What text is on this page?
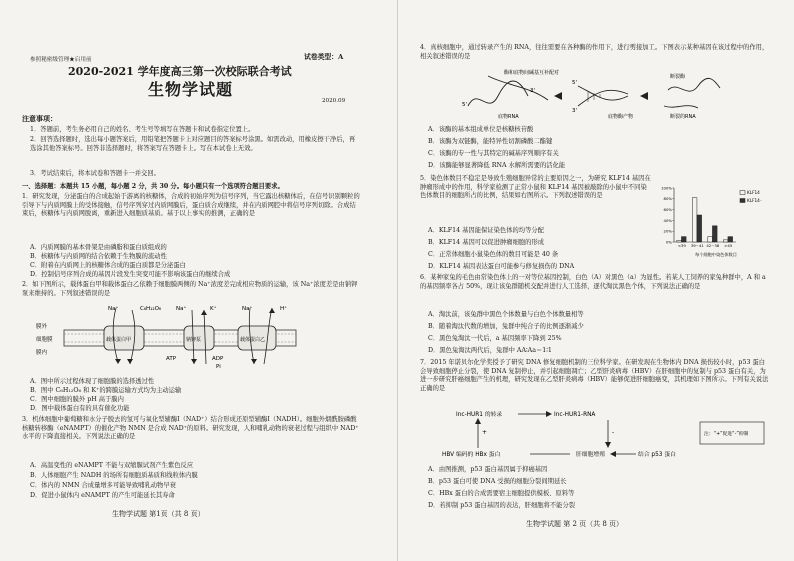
参照秘密级管理★启用前	试卷类型：A
2020-2021 学年度高三第一次校际联合考试
生物学试题
2020.09
注意事项：
1．答题前，考生务必用自己的姓名、考生号等填写在答题卡和试卷指定位置上。
2．回答选择题时，选出每小题答案后，用铅笔把答题卡上对应题目的答案标号涂黑。如需改动，用橡皮擦干净后，再选涂其他答案标号。回答非选择题时，将答案写在答题卡上。写在本试卷上无效。
3．考试结束后，将本试卷和答题卡一并交回。
一、选择题：本题共 15 小题，每小题 2 分，共 30 分。每小题只有一个选项符合题目要求。
1．研究发现，分泌蛋白的合成起始于游离的核糖体，合成的初始序列为信号序列，当它露出核糖体后，在信号识别颗粒的引导下与内质网膜上的受体接触，信号序列穿过内质网膜后，蛋白质合成继续，并在内质网腔中将信号序列切除。合成结束后，核糖体与内质网脱离，重新进入细胞质基质。基于以上事实的推测，正确的是
A．内质网膜的基本骨架是由磷脂和蛋白质组成的
B．核糖体与内质网的结合依赖于生物膜的流动性
C．附着在内质网上的核糖体合成的蛋白质都是分泌蛋白
D．控制信号序列合成的基因片段发生突变可能不影响该蛋白的继续合成
2．如下图所示，载体蛋白甲和载体蛋白乙依赖于细胞膜两侧的 Na⁺浓度差完成相应物质的运输，该 Na⁺浓度差是由钠钾泵来维持的。下列叙述错误的是
膜外
细胞膜
膜内
载体蛋白甲	钠钾泵	载体蛋白乙
C₆H₁₂O₆
Na⁺	Na⁺	K⁺	H⁺
Na⁺
ATP	ADP
Pi
A．图中所示过程体现了细胞膜的选择透过性
B．图中 C₆H₁₂O₆ 和 K⁺的跨膜运输方式均为主动运输
C．图中细胞的膜外 pH 高于膜内
D．图中载体蛋白有的具有催化功能
3．机体细胞中葡萄糖和水分子脱去的氢可与氧化型辅酶Ⅰ（NAD⁺）结合形成还原型辅酶Ⅰ（NADH）。细胞外烟酰胺磷酸核糖转移酶（eNAMPT）的催化产物 NMN 是合成 NAD⁺的原料。研究发现，人和哺乳动物的衰老过程与组织中 NAD⁺水平的下降直接相关。下列说法正确的是
A．高温变性的 eNAMPT 不能与双缩脲试剂产生紫色反应
B．人体细胞产生 NADH 的场所有细胞质基质和线粒体内膜
C．体内的 NMN 合成量增多可能导致哺乳动物早衰
D．促进小鼠体内 eNAMPT 的产生可能延长其寿命
生物学试题 第1页（共 8 页）
4．真核细胞中，通过转录产生的 RNA，往往需要在各种酶的作用下，进行剪接加工。下图表示某种基因在该过程中的作用，相关叙述错误的是
5'
3'
5'
3'
酶和底物间碱基互补配对
底物RNA	底物酶产物
断裂酶
断裂的RNA
A．该酶的基本组成单位是核糖核苷酸
B．该酶为双链酶，能特异性切割磷酸二酯键
C．该酶的专一性与其特定的碱基序列顺序有关
D．该酶能够显著降低 RNA 水解所需要的活化能
5．染色体数目不稳定是导致生殖细胞异常的主要原因之一，为研究 KLF14 基因在肿瘤形成中的作用，科学家检测了正常小鼠和 KLF14 基因被敲除的小鼠中不同染色体数目的细胞所占的比例，结果如右图所示。下列叙述错误的是
100%
80%
60%
40%
20%
0%
<39 39~41 42~38 >45
KLF14
KLF14⁻
每个细胞中染色体数目
A．KLF14 基因能保证染色体的均等分配
B．KLF14 基因可以促进肿瘤细胞的形成
C．正常体细胞小鼠染色体的数目可能是 40 条
D．KLF14 基因表达蛋白可能参与修复损伤的 DNA
6．某种家兔的毛色由常染色体上的一对等位基因控制，白色（A）对黑色（a）为显性。若某人工饲养的家兔种群中，A 和 a 的基因频率各占 50%，现让该兔群随机交配并进行人工选择，逐代淘汰黑色个体，下列说法正确的是
A．淘汰前，该兔群中黑色个体数量与白色个体数量相等
B．随着淘汰代数的增加，兔群中纯合子的比例逐渐减少
C．黑色兔淘汰一代后，a 基因频率下降到 25%
D．黑色兔淘汰两代后，兔群中 AA∶Aa＝1∶1
7．2015 年诺贝尔化学奖授予了研究 DNA 修复细胞机制的三位科学家。在研发现在生物体内 DNA 损伤较小时，p53 蛋白会导致细胞停止分裂，使 DNA 复制停止，并引起细胞凋亡；乙型肝炎病毒（HBV）在肝细胞中的复制与 p53 蛋白有关，为进一步研究肝癌细胞产生的机理，研究发现在乙型肝炎病毒（HBV）能够促进肝细胞癌变，其机理如下图所示。下列有关说法正确的是
Inc-HUR1 的转录	Inc-HUR1-RNA
+
HBV 编码的 HBx 蛋白	肝细胞增殖
-
结合 p53 蛋白
注：“+”促进“-”抑制
A．由图推测，p53 蛋白基因属于抑癌基因
B．p53 蛋白可使 DNA 受损的细胞分裂间期延长
C．HBx 蛋白的合成需要宿主细胞提供模板、原料等
D．若抑制 p53 蛋白基因的表达，肝细胞将不能分裂
生物学试题 第 2 页（共 8 页）
